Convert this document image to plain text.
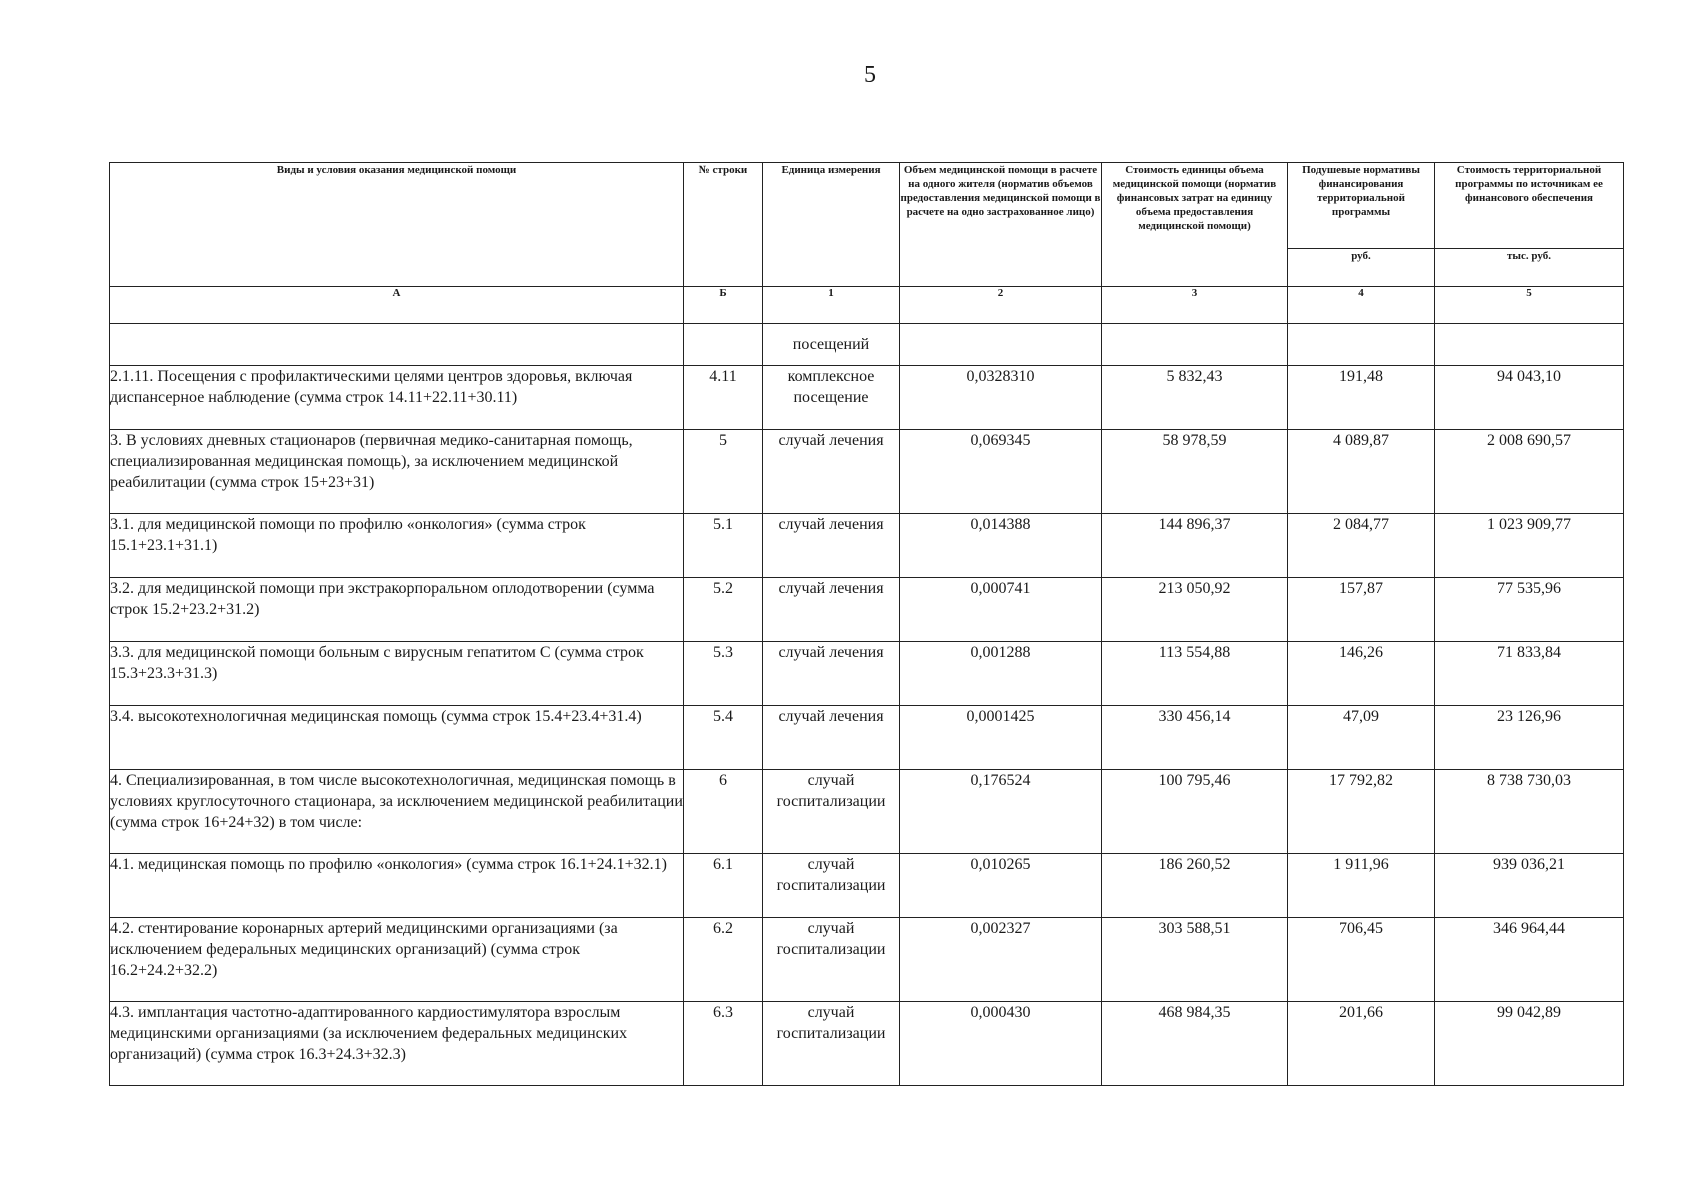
5
Виды и условия оказания медицинской помощи	№ строки	Единица измерения	Объем медицинской помощи в расчете на одного жителя (норматив объемов предоставления медицинской помощи в расчете на одно застрахованное лицо)	Стоимость единицы объема медицинской помощи (норматив финансовых затрат на единицу объема предоставления медицинской помощи)	Подушевые нормативы финансирования территориальной программы	Стоимость территориальной программы по источникам ее финансового обеспечения
					руб.	тыс. руб.
А	Б	1	2	3	4	5
		посещений				
2.1.11. Посещения с профилактическими целями центров здоровья, включая диспансерное наблюдение (сумма строк 14.11+22.11+30.11)	4.11	комплексное посещение	0,0328310	5 832,43	191,48	94 043,10
3. В условиях дневных стационаров (первичная медико-санитарная помощь, специализированная медицинская помощь), за исключением медицинской реабилитации (сумма строк 15+23+31)	5	случай лечения	0,069345	58 978,59	4 089,87	2 008 690,57
3.1. для медицинской помощи по профилю «онкология» (сумма строк 15.1+23.1+31.1)	5.1	случай лечения	0,014388	144 896,37	2 084,77	1 023 909,77
3.2. для медицинской помощи при экстракорпоральном оплодотворении (сумма строк 15.2+23.2+31.2)	5.2	случай лечения	0,000741	213 050,92	157,87	77 535,96
3.3. для медицинской помощи больным с вирусным гепатитом С (сумма строк 15.3+23.3+31.3)	5.3	случай лечения	0,001288	113 554,88	146,26	71 833,84
3.4. высокотехнологичная медицинская помощь (сумма строк 15.4+23.4+31.4)	5.4	случай лечения	0,0001425	330 456,14	47,09	23 126,96
4. Специализированная, в том числе высокотехнологичная, медицинская помощь в условиях круглосуточного стационара, за исключением медицинской реабилитации (сумма строк 16+24+32) в том числе:	6	случай госпитализации	0,176524	100 795,46	17 792,82	8 738 730,03
4.1. медицинская помощь по профилю «онкология» (сумма строк 16.1+24.1+32.1)	6.1	случай госпитализации	0,010265	186 260,52	1 911,96	939 036,21
4.2. стентирование коронарных артерий медицинскими организациями (за исключением федеральных медицинских организаций) (сумма строк 16.2+24.2+32.2)	6.2	случай госпитализации	0,002327	303 588,51	706,45	346 964,44
4.3. имплантация частотно-адаптированного кардиостимулятора взрослым медицинскими организациями (за исключением федеральных медицинских организаций) (сумма строк 16.3+24.3+32.3)	6.3	случай госпитализации	0,000430	468 984,35	201,66	99 042,89
